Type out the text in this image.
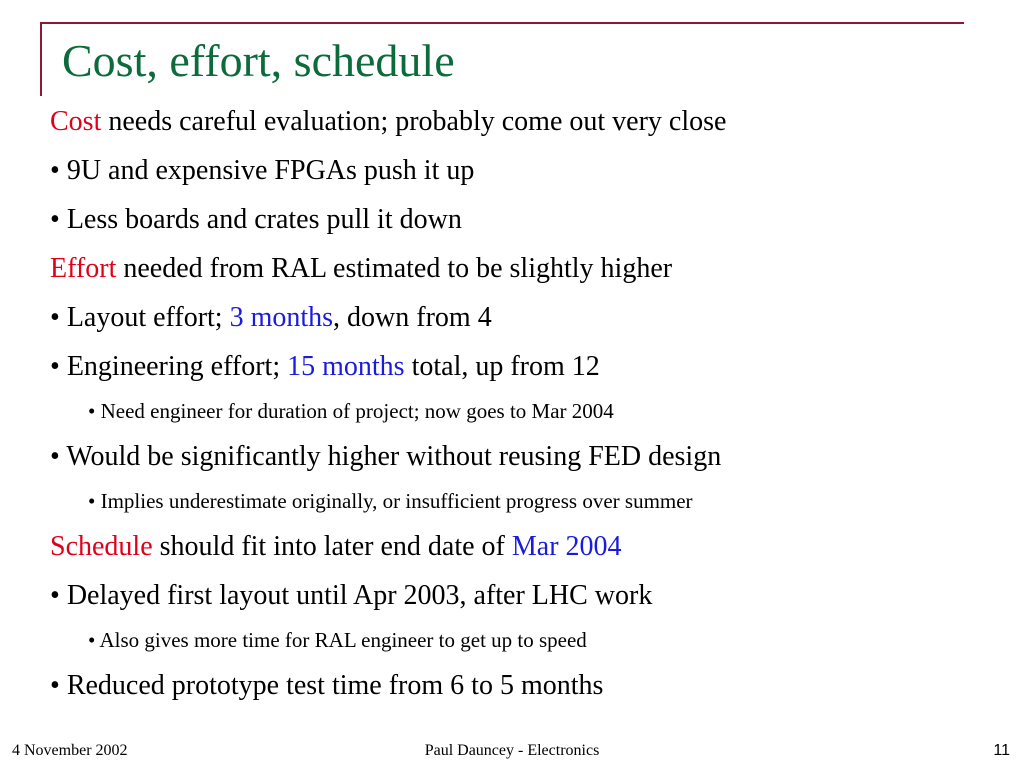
Cost, effort, schedule
Cost needs careful evaluation; probably come out very close
• 9U and expensive FPGAs push it up
• Less boards and crates pull it down
Effort needed from RAL estimated to be slightly higher
• Layout effort; 3 months, down from 4
• Engineering effort; 15 months total, up from 12
• Need engineer for duration of project; now goes to Mar 2004
• Would be significantly higher without reusing FED design
• Implies underestimate originally, or insufficient progress over summer
Schedule should fit into later end date of Mar 2004
• Delayed first layout until Apr 2003, after LHC work
• Also gives more time for RAL engineer to get up to speed
• Reduced prototype test time from 6 to 5 months
4 November 2002	Paul Dauncey - Electronics	11
